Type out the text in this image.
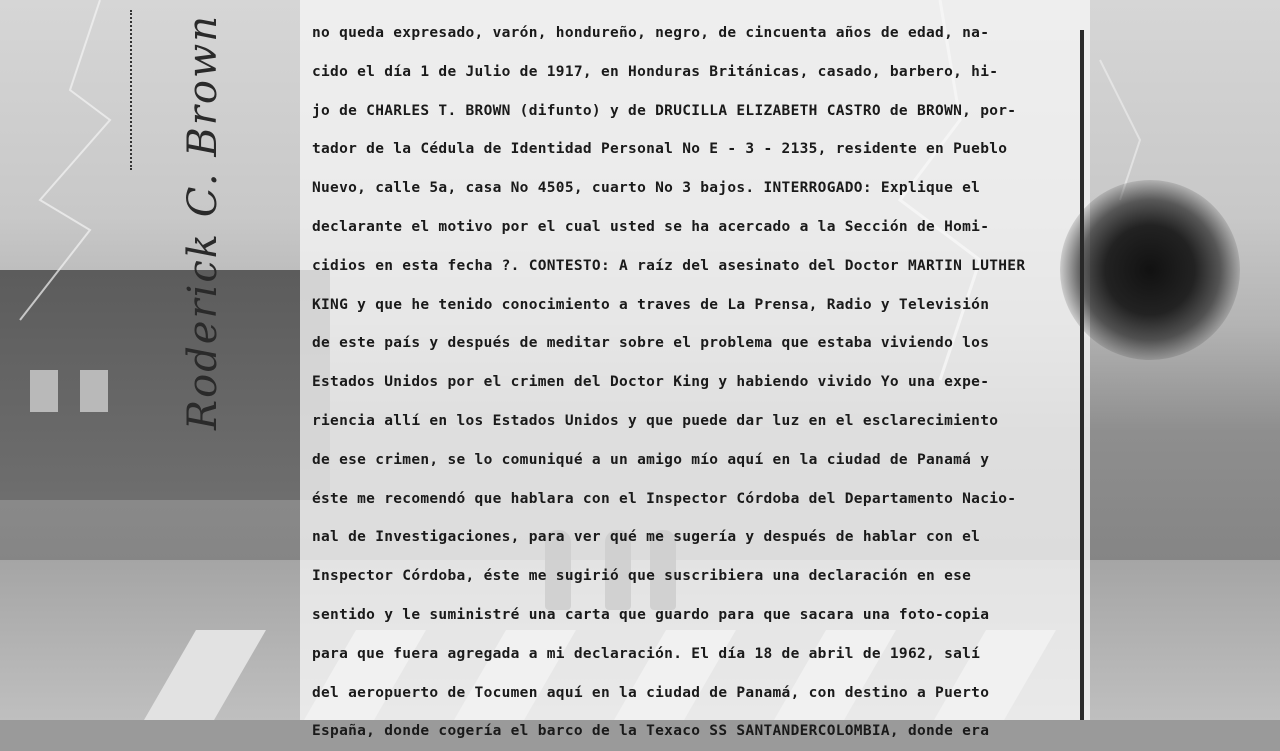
Roderick C. Brown	no queda expresado, varón, hondureño, negro, de cincuenta años de edad, na-
cido el día 1 de Julio de 1917, en Honduras Británicas, casado, barbero, hi-
jo de CHARLES T. BROWN (difunto) y de DRUCILLA ELIZABETH CASTRO de BROWN, por-
tador de la Cédula de Identidad Personal No E - 3 - 2135, residente en Pueblo
Nuevo, calle 5a, casa No 4505, cuarto No 3 bajos. INTERROGADO: Explique el
declarante el motivo por el cual usted se ha acercado a la Sección de Homi-
cidios en esta fecha ?. CONTESTO: A raíz del asesinato del Doctor MARTIN LUTHER
KING y que he tenido conocimiento a traves de La Prensa, Radio y Televisión
de este país y después de meditar sobre el problema que estaba viviendo los
Estados Unidos por el crimen del Doctor King y habiendo vivido Yo una expe-
riencia allí en los Estados Unidos y que puede dar luz en el esclarecimiento
de ese crimen, se lo comuniqué a un amigo mío aquí en la ciudad de Panamá y
éste me recomendó que hablara con el Inspector Córdoba del Departamento Nacio-
nal de Investigaciones, para ver qué me sugería y después de hablar con el
Inspector Córdoba, éste me sugirió que suscribiera una declaración en ese
sentido y le suministré una carta que guardo para que sacara una foto-copia
para que fuera agregada a mi declaración. El día 18 de abril de 1962, salí
del aeropuerto de Tocumen aquí en la ciudad de Panamá, con destino a Puerto
España, donde cogería el barco de la Texaco SS SANTANDERCOLOMBIA, donde era
